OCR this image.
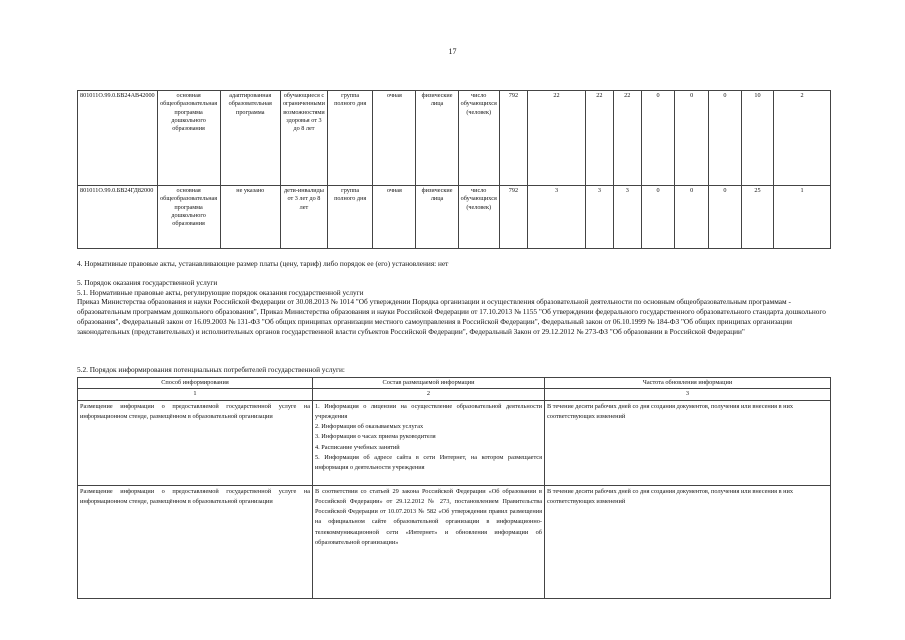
17
801011О.99.0.БВ24АВ42000	основная общеобразовательная программа дошкольного образования	адаптированная образовательная программа	обучающиеся с ограниченными возможностями здоровья от 3 до 8 лет	группа полного дня	очная	физические лица	число обучающихся (человек)	792	22	22	22	0	0	0	10	2
801011О.99.0.БВ24ГД82000	основная общеобразовательная программа дошкольного образования	не указано	дети-инвалиды от 3 лет до 8 лет	группа полного дня	очная	физические лица	число обучающихся (человек)	792	3	3	3	0	0	0	25	1
4. Нормативные правовые акты, устанавливающие размер платы (цену, тариф) либо порядок ее (его) установления: нет

5. Порядок оказания государственной услуги

5.1. Нормативные правовые акты, регулирующие порядок оказания государственной услуги

Приказ Министерства образования и науки Российской Федерации от 30.08.2013 № 1014 "Об утверждении Порядка организации и осуществления образовательной деятельности по основным общеобразовательным программам - образовательным программам дошкольного образования", Приказ Министерства образования и науки Российской Федерации от 17.10.2013 № 1155 "Об утверждении федерального государственного образовательного стандарта дошкольного образования", Федеральный закон от 16.09.2003 № 131-ФЗ "Об общих принципах организации местного самоуправления в Российской Федерации", Федеральный закон от 06.10.1999 № 184-ФЗ "Об общих принципах организации законодательных (представительных) и исполнительных органов государственной власти субъектов Российской Федерации", Федеральный Закон от 29.12.2012 № 273-ФЗ "Об образовании в Российской Федерации"

5.2. Порядок информирования потенциальных потребителей государственной услуги:
Способ информирования	Состав размещаемой информации	Частота обновления информации
1	2	3
Размещение информации о предоставляемой государственной услуге на информационном стенде, размещённом в образовательной организации	1. Информация о лицензии на осуществление образовательной деятельности учреждения
2. Информация об оказываемых услугах
3. Информация о часах приема руководителя
4. Расписание учебных занятий
5. Информация об адресе сайта в сети Интернет, на котором размещается информация о деятельности учреждения	В течение десяти рабочих дней со дня создания документов, получения или внесения в них соответствующих изменений
Размещение информации о предоставляемой государственной услуге на информационном стенде, размещённом в образовательной организации	В соответствии со статьей 29 закона Российской Федерации «Об образовании в Российской Федерации» от 29.12.2012 № 273, постановлением Правительства Российской Федерации от 10.07.2013 № 582 «Об утверждении правил размещения на официальном сайте образовательной организации в информационно-телекоммуникационной сети «Интернет» и обновления информации об образовательной организации»	В течение десяти рабочих дней со дня создания документов, получения или внесения в них соответствующих изменений
